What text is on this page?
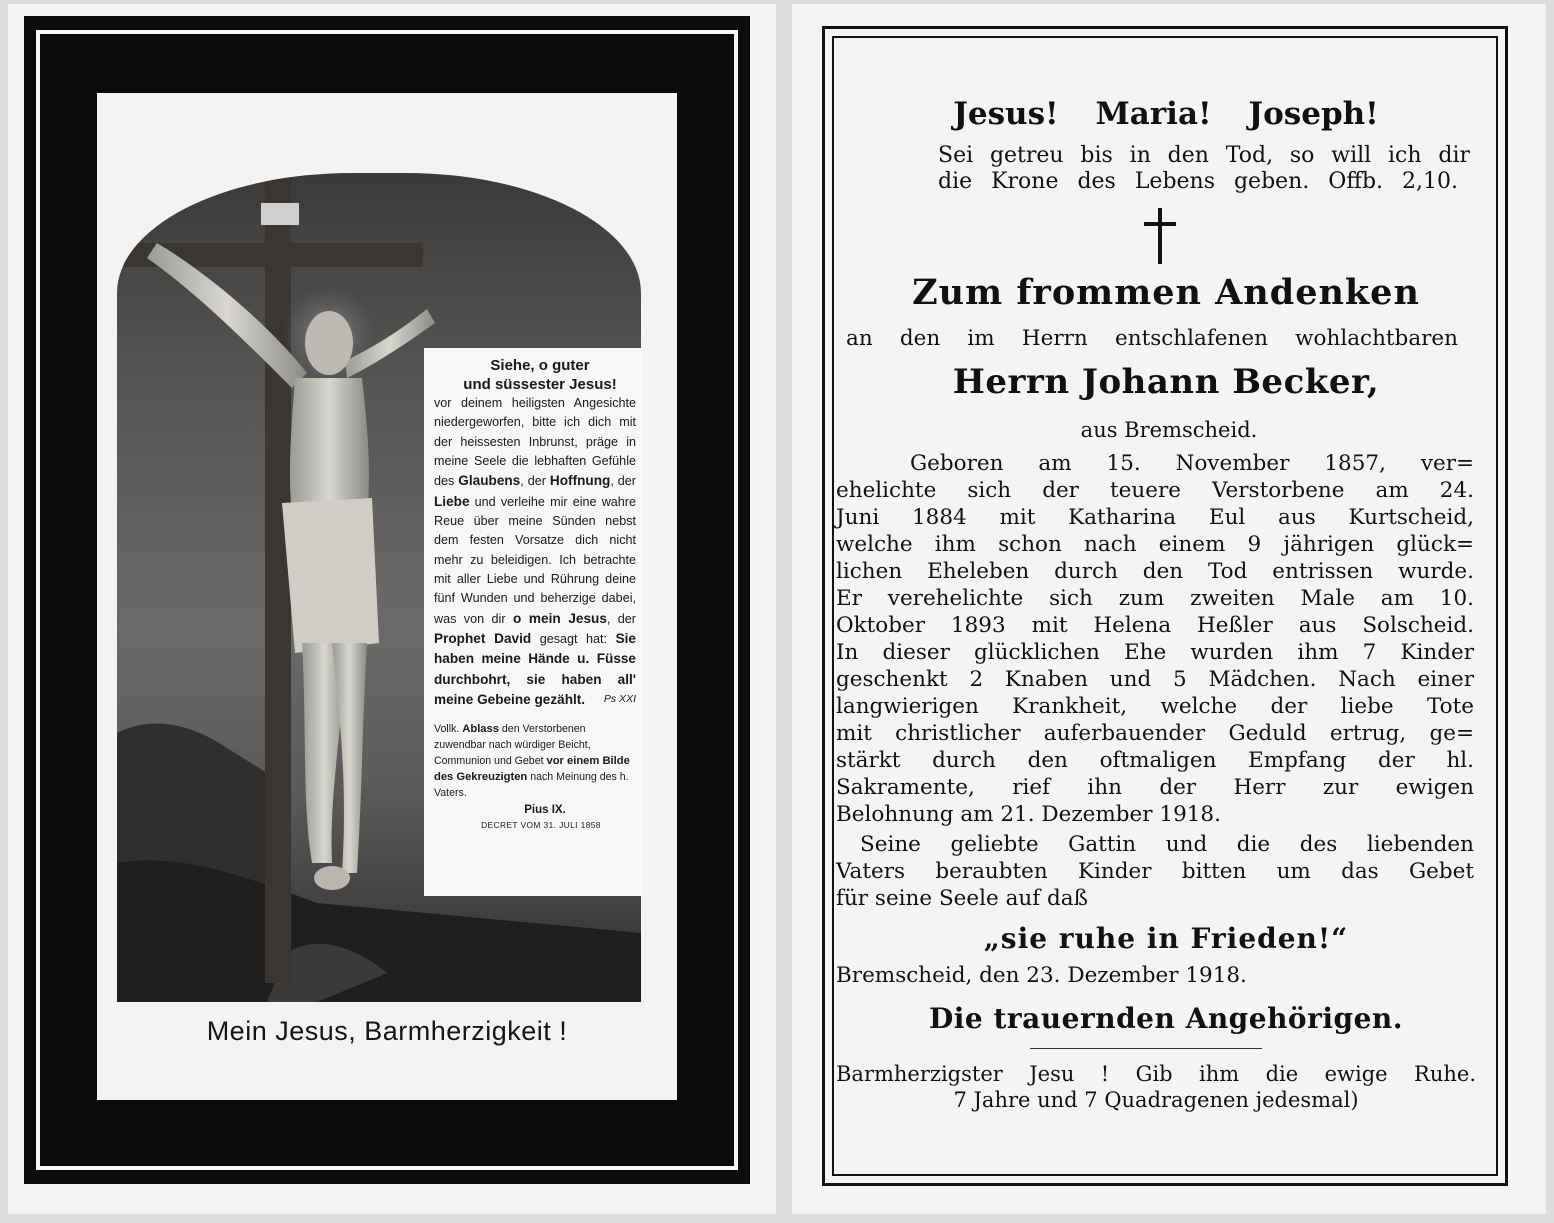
Siehe, o guter
und süssester Jesus!
vor deinem heiligsten Angesichte niedergeworfen, bitte ich dich mit der heissesten Inbrunst, präge in meine Seele die lebhaften Gefühle des Glaubens, der Hoffnung, der Liebe und verleihe mir eine wahre Reue über meine Sünden nebst dem festen Vorsatze dich nicht mehr zu beleidigen. Ich betrachte mit aller Liebe und Rührung deine fünf Wunden und beherzige dabei, was von dir o mein Jesus, der Prophet David gesagt hat: Sie haben meine Hände u. Füsse durchbohrt, sie haben all' meine Gebeine gezählt. Ps XXI

Vollk. Ablass den Verstorbenen zuwendbar nach würdiger Beicht, Communion und Gebet vor einem Bilde des Gekreuzigten nach Meinung des h. Vaters.
Pius IX.
DECRET VOM 31. JULI 1858

Mein Jesus, Barmherzigkeit !
Jesus! Maria! Joseph!
Sei getreu bis in den Tod, so will ich dir
die Krone des Lebens geben. Offb. 2,10.
Zum frommen Andenken
an den im Herrn entschlafenen wohlachtbaren
Herrn Johann Becker,
aus Bremscheid.
Geboren am 15. November 1857, ver=
ehelichte sich der teuere Verstorbene am 24.
Juni 1884 mit Katharina Eul aus Kurtscheid,
welche ihm schon nach einem 9 jährigen glück=
lichen Eheleben durch den Tod entrissen wurde.
Er verehelichte sich zum zweiten Male am 10.
Oktober 1893 mit Helena Heßler aus Solscheid.
In dieser glücklichen Ehe wurden ihm 7 Kinder
geschenkt 2 Knaben und 5 Mädchen. Nach einer
langwierigen Krankheit, welche der liebe Tote
mit christlicher auferbauender Geduld ertrug, ge=
stärkt durch den oftmaligen Empfang der hl.
Sakramente, rief ihn der Herr zur ewigen
Belohnung am 21. Dezember 1918.
Seine geliebte Gattin und die des liebenden
Vaters beraubten Kinder bitten um das Gebet
für seine Seele auf daß
„sie ruhe in Frieden!“
Bremscheid, den 23. Dezember 1918.
Die trauernden Angehörigen.
Barmherzigster Jesu ! Gib ihm die ewige Ruhe.
7 Jahre und 7 Quadragenen jedesmal)
